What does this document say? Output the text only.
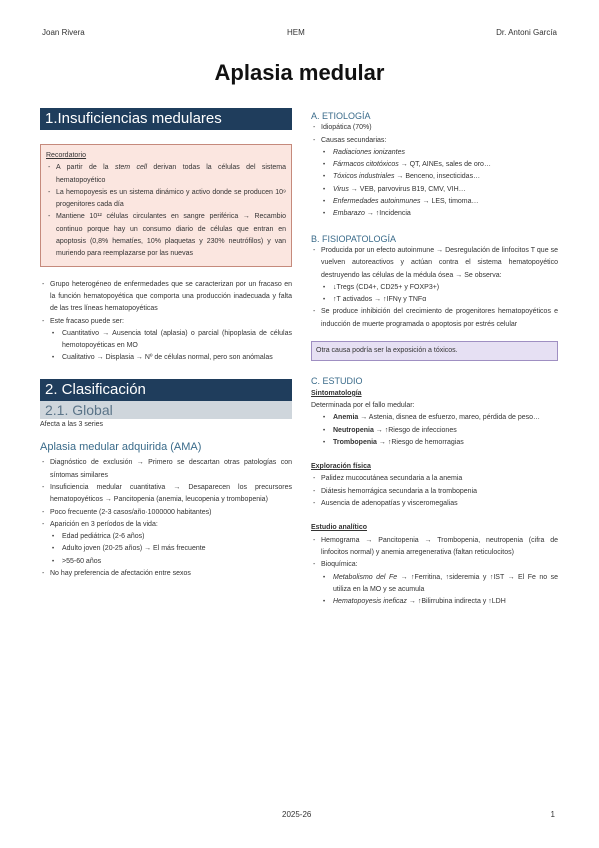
Joan Rivera	HEM	Dr. Antoni García
Aplasia medular
1.Insuficiencias medulares
Recordatorio
- A partir de la stem cell derivan todas la células del sistema hematopoyético
- La hemopoyesis es un sistema dinámico y activo donde se producen 10⁹ progenitores cada día
- Mantiene 10¹² células circulantes en sangre periférica → Recambio continuo porque hay un consumo diario de células que entran en apoptosis (0,8% hematíes, 10% plaquetas y 230% neutrófilos) y van muriendo para reemplazarse por las nuevas
- Grupo heterogéneo de enfermedades que se caracterizan por un fracaso en la función hematopoyética que comporta una producción inadecuada y falta de las tres líneas hematopoyéticas
- Este fracaso puede ser:
• Cuantitativo → Ausencia total (aplasia) o parcial (hipoplasia de células hemotopoyéticas en MO
• Cualitativo → Displasia → Nº de células normal, pero son anómalas
2. Clasificación
2.1. Global
Afecta a las 3 series
Aplasia medular adquirida (AMA)
- Diagnóstico de exclusión → Primero se descartan otras patologías con síntomas similares
- Insuficiencia medular cuantitativa → Desaparecen los precursores hematopoyéticos → Pancitopenia (anemia, leucopenia y trombopenia)
- Poco frecuente (2-3 casos/año·1000000 habitantes)
- Aparición en 3 períodos de la vida:
• Edad pediátrica (2-6 años)
• Adulto joven (20-25 años) → El más frecuente
• >55-60 años
- No hay preferencia de afectación entre sexos
A. ETIOLOGÍA
- Idiopática (70%)
- Causas secundarias:
• Radiaciones ionizantes
• Fármacos citotóxicos → QT, AINEs, sales de oro…
• Tóxicos industriales → Benceno, insecticidas…
• Virus → VEB, parvovirus B19, CMV, VIH…
• Enfermedades autoinmunes → LES, timoma…
• Embarazo → ↑Incidencia
B. FISIOPATOLOGÍA
- Producida por un efecto autoinmune → Desregulación de linfocitos T que se vuelven autoreactivos y actúan contra el sistema hematopoyético destruyendo las células de la médula ósea → Se observa:
• ↓Tregs (CD4+, CD25+ y FOXP3+)
• ↑T activados → ↑IFNγ y TNFα
- Se produce inhibición del crecimiento de progenitores hematopoyéticos e inducción de muerte programada o apoptosis por estrés celular
Otra causa podría ser la exposición a tóxicos.
C. ESTUDIO
Sintomatología
Determinada por el fallo medular:
• Anemia → Astenia, disnea de esfuerzo, mareo, pérdida de peso…
• Neutropenia → ↑Riesgo de infecciones
• Trombopenia → ↑Riesgo de hemorragias
Exploración física
- Palidez mucocutánea secundaria a la anemia
- Diátesis hemorrágica secundaria a la trombopenia
- Ausencia de adenopatías y visceromegalias
Estudio analítico
- Hemograma → Pancitopenia → Trombopenia, neutropenia (cifra de linfocitos normal) y anemia arregenerativa (faltan reticulocitos)
- Bioquímica:
• Metabolismo del Fe → ↑Ferritina, ↑sideremia y ↑IST → El Fe no se utiliza en la MO y se acumula
• Hematopoyesis ineficaz → ↑Bilirrubina indirecta y ↑LDH
2025-26	1
